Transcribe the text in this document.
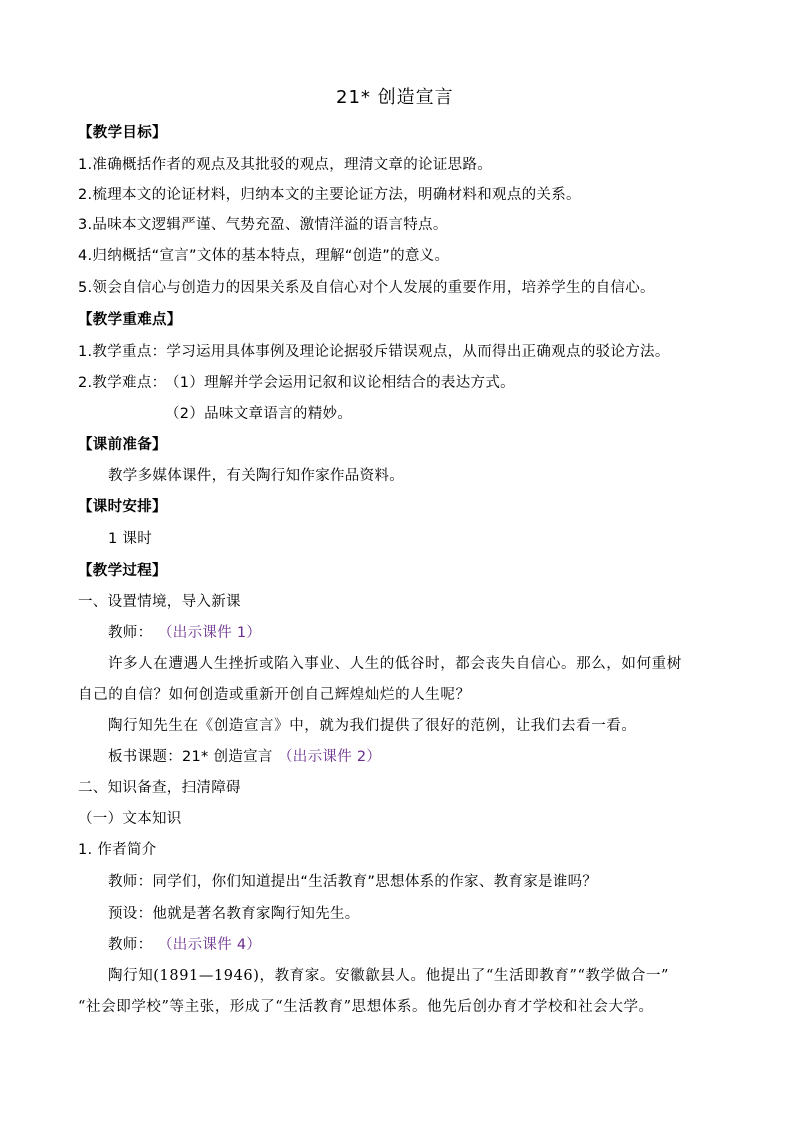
21* 创造宣言
【教学目标】
1.准确概括作者的观点及其批驳的观点，理清文章的论证思路。
2.梳理本文的论证材料，归纳本文的主要论证方法，明确材料和观点的关系。
3.品味本文逻辑严谨、气势充盈、激情洋溢的语言特点。
4.归纳概括“宣言”文体的基本特点，理解“创造”的意义。
5.领会自信心与创造力的因果关系及自信心对个人发展的重要作用，培养学生的自信心。
【教学重难点】
1.教学重点：学习运用具体事例及理论论据驳斥错误观点，从而得出正确观点的驳论方法。
2.教学难点：
（1）理解并学会运用记叙和议论相结合的表达方式。
（2）品味文章语言的精妙。
【课前准备】
教学多媒体课件，有关陶行知作家作品资料。
【课时安排】
1 课时
【教学过程】
一、设置情境，导入新课
教师： （出示课件 1）
许多人在遭遇人生挫折或陷入事业、人生的低谷时，都会丧失自信心。那么，如何重树
自己的自信？如何创造或重新开创自己辉煌灿烂的人生呢？
陶行知先生在《创造宣言》中，就为我们提供了很好的范例，让我们去看一看。
板书课题：21* 创造宣言 （出示课件 2）
二、知识备查，扫清障碍
（一）文本知识
1. 作者简介
教师：同学们，你们知道提出“生活教育”思想体系的作家、教育家是谁吗？
预设：他就是著名教育家陶行知先生。
教师： （出示课件 4）
陶行知(1891—1946)，教育家。安徽歙县人。他提出了“生活即教育”“教学做合一”
“社会即学校”等主张，形成了“生活教育”思想体系。他先后创办育才学校和社会大学。
